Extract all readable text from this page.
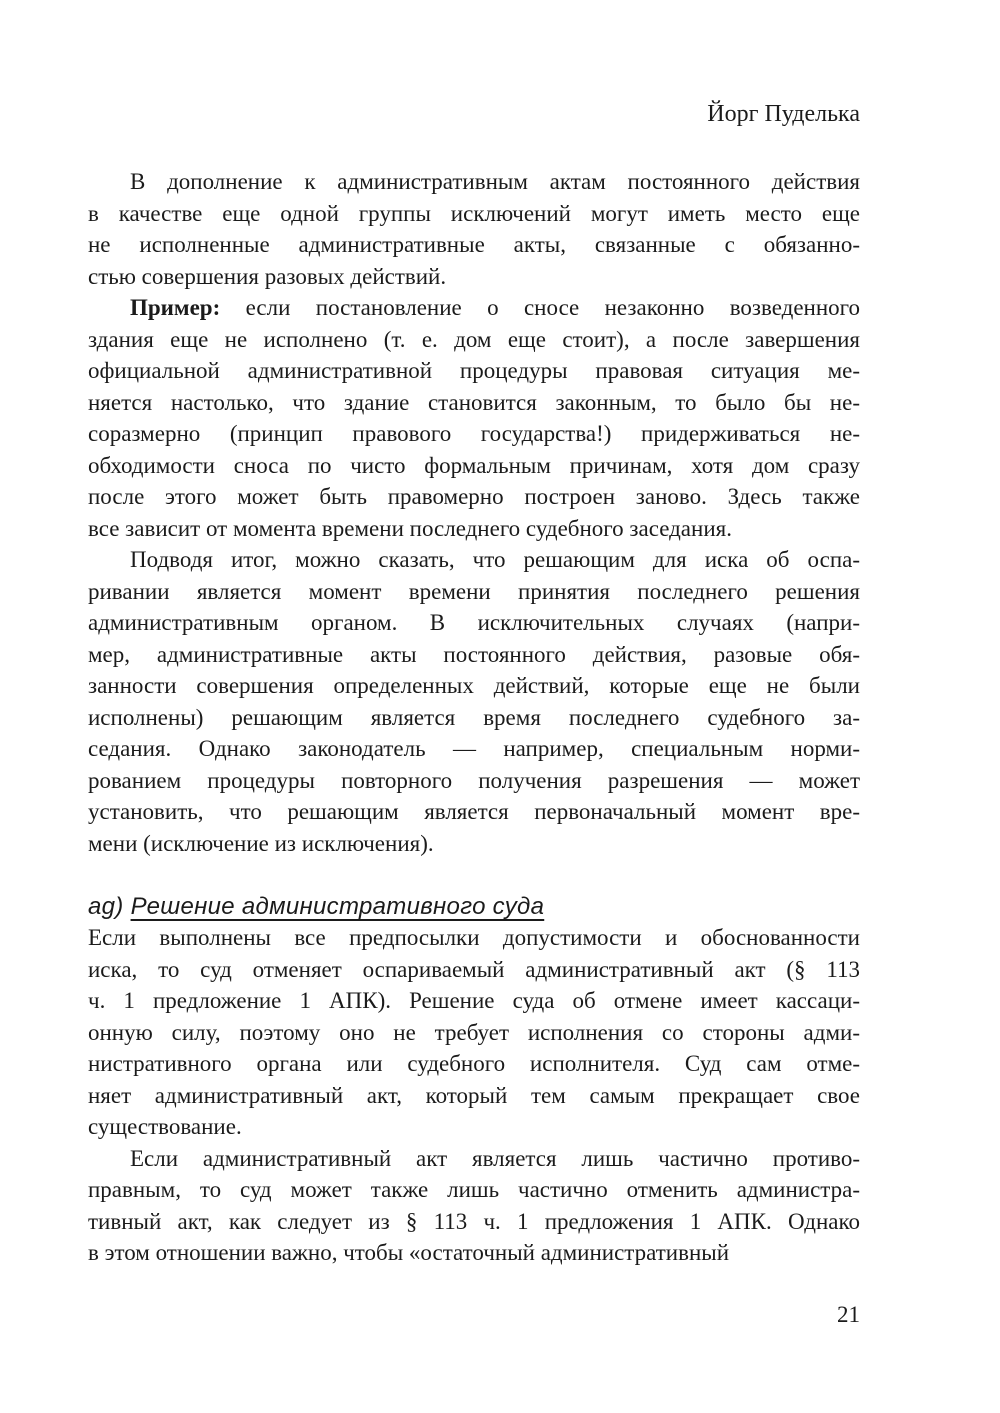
Йорг Пуделька
В дополнение к административным актам постоянного действия
в качестве еще одной группы исключений могут иметь место еще
не исполненные административные акты, связанные с обязанно-
стью совершения разовых действий.
Пример: если постановление о сносе незаконно возведенного
здания еще не исполнено (т. е. дом еще стоит), а после завершения
официальной административной процедуры правовая ситуация ме-
няется настолько, что здание становится законным, то было бы не-
соразмерно (принцип правового государства!) придерживаться не-
обходимости сноса по чисто формальным причинам, хотя дом сразу
после этого может быть правомерно построен заново. Здесь также
все зависит от момента времени последнего судебного заседания.
Подводя итог, можно сказать, что решающим для иска об оспа-
ривании является момент времени принятия последнего решения
административным органом. В исключительных случаях (напри-
мер, административные акты постоянного действия, разовые обя-
занности совершения определенных действий, которые еще не были
исполнены) решающим является время последнего судебного за-
седания. Однако законодатель — например, специальным норми-
рованием процедуры повторного получения разрешения — может
установить, что решающим является первоначальный момент вре-
мени (исключение из исключения).
ag) Решение административного суда
Если выполнены все предпосылки допустимости и обоснованности
иска, то суд отменяет оспариваемый административный акт (§ 113
ч. 1 предложение 1 АПК). Решение суда об отмене имеет кассаци-
онную силу, поэтому оно не требует исполнения со стороны адми-
нистративного органа или судебного исполнителя. Суд сам отме-
няет административный акт, который тем самым прекращает свое
существование.
Если административный акт является лишь частично противо-
правным, то суд может также лишь частично отменить администра-
тивный акт, как следует из § 113 ч. 1 предложения 1 АПК. Однако
в этом отношении важно, чтобы «остаточный административный
21
